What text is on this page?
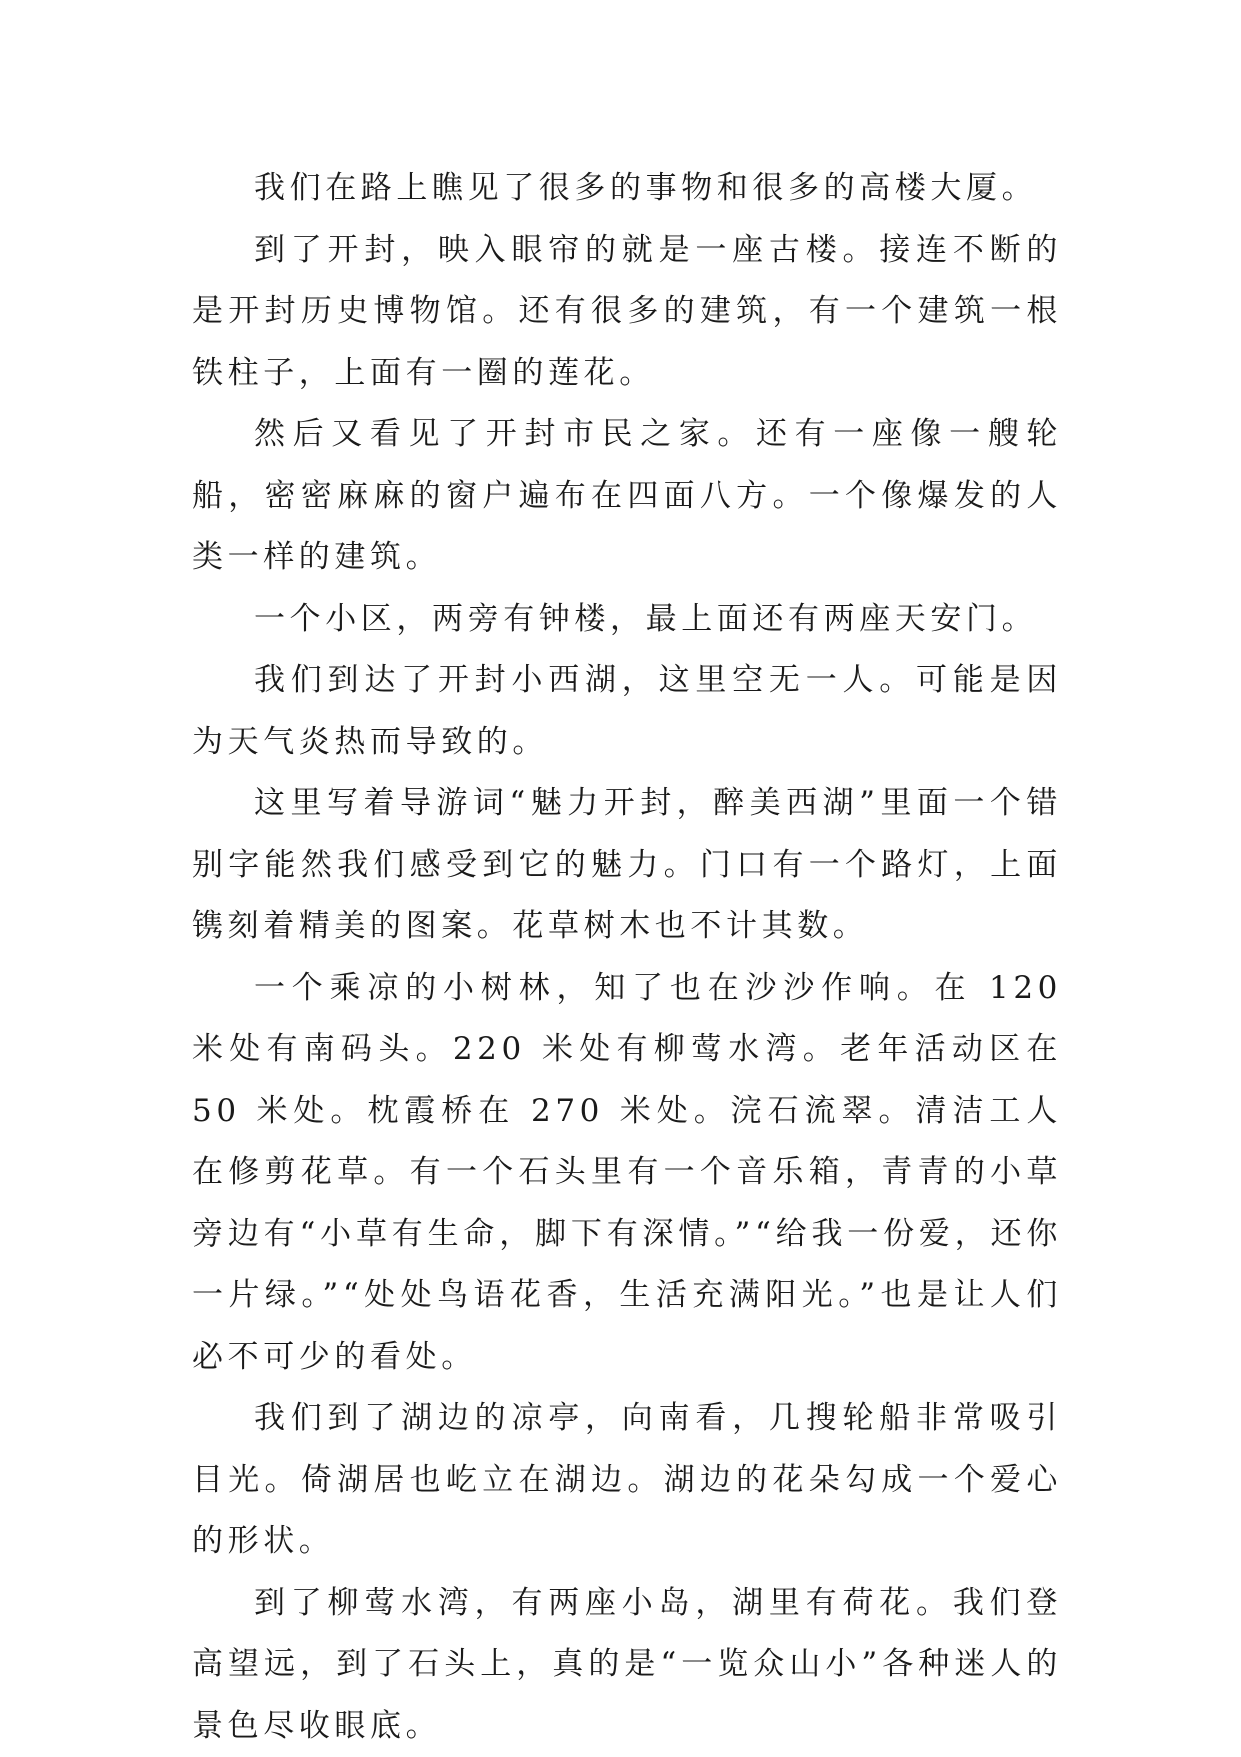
我们在路上瞧见了很多的事物和很多的高楼大厦。

到了开封，映入眼帘的就是一座古楼。接连不断的是开封历史博物馆。还有很多的建筑，有一个建筑一根铁柱子，上面有一圈的莲花。

然后又看见了开封市民之家。还有一座像一艘轮船，密密麻麻的窗户遍布在四面八方。一个像爆发的人类一样的建筑。

一个小区，两旁有钟楼，最上面还有两座天安门。

我们到达了开封小西湖，这里空无一人。可能是因为天气炎热而导致的。

这里写着导游词“魅力开封，醉美西湖”里面一个错别字能然我们感受到它的魅力。门口有一个路灯，上面镌刻着精美的图案。花草树木也不计其数。

一个乘凉的小树林，知了也在沙沙作响。在 120 米处有南码头。220 米处有柳莺水湾。老年活动区在 50 米处。枕霞桥在 270 米处。浣石流翠。清洁工人在修剪花草。有一个石头里有一个音乐箱，青青的小草旁边有“小草有生命，脚下有深情。”“给我一份爱，还你一片绿。”“处处鸟语花香，生活充满阳光。”也是让人们必不可少的看处。

我们到了湖边的凉亭，向南看，几搜轮船非常吸引目光。倚湖居也屹立在湖边。湖边的花朵勾成一个爱心的形状。

到了柳莺水湾，有两座小岛，湖里有荷花。我们登高望远，到了石头上，真的是“一览众山小”各种迷人的景色尽收眼底。
